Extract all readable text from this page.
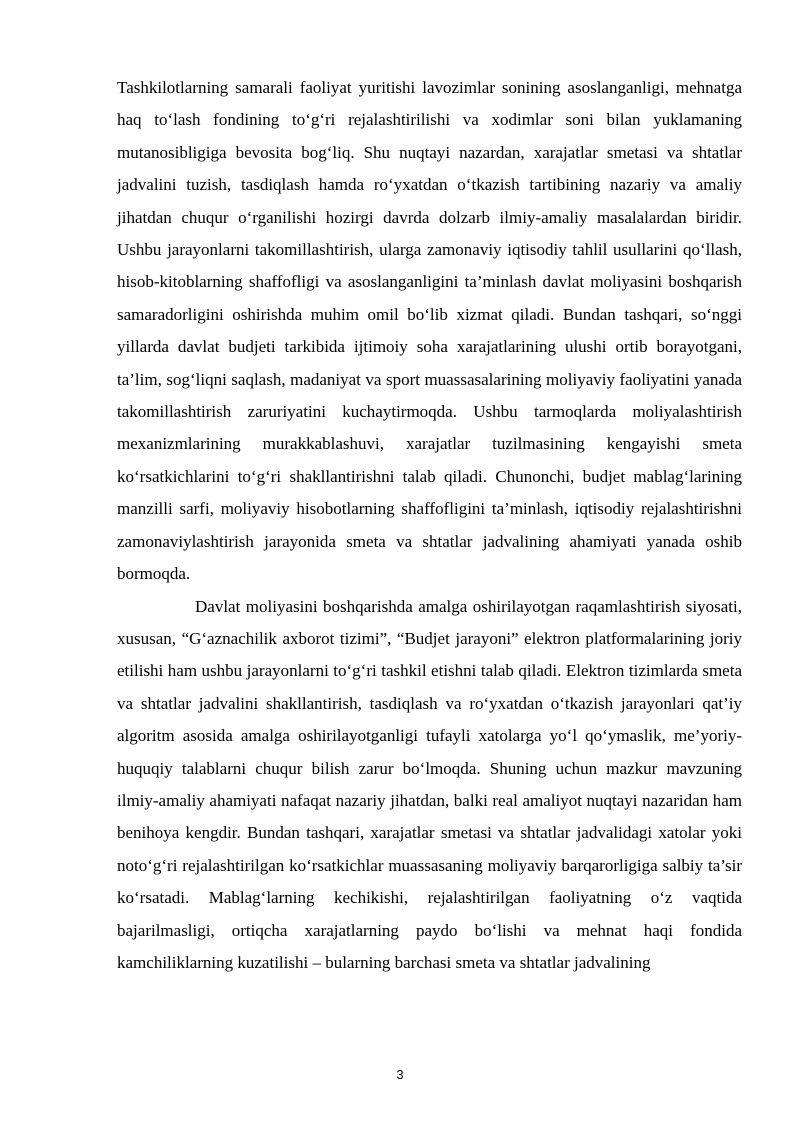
Tashkilotlarning samarali faoliyat yuritishi lavozimlar sonining asoslanganligi, mehnatga haq to‘lash fondining to‘g‘ri rejalashtirilishi va xodimlar soni bilan yuklamaning mutanosibligiga bevosita bog‘liq. Shu nuqtayi nazardan, xarajatlar smetasi va shtatlar jadvalini tuzish, tasdiqlash hamda ro‘yxatdan o‘tkazish tartibining nazariy va amaliy jihatdan chuqur o‘rganilishi hozirgi davrda dolzarb ilmiy-amaliy masalalardan biridir. Ushbu jarayonlarni takomillashtirish, ularga zamonaviy iqtisodiy tahlil usullarini qo‘llash, hisob-kitoblarning shaffofligi va asoslanganligini ta’minlash davlat moliyasini boshqarish samaradorligini oshirishda muhim omil bo‘lib xizmat qiladi. Bundan tashqari, so‘nggi yillarda davlat budjeti tarkibida ijtimoiy soha xarajatlarining ulushi ortib borayotgani, ta’lim, sog‘liqni saqlash, madaniyat va sport muassasalarining moliyaviy faoliyatini yanada takomillashtirish zaruriyatini kuchaytirmoqda. Ushbu tarmoqlarda moliyalashtirish mexanizmlarining murakkablashuvi, xarajatlar tuzilmasining kengayishi smeta ko‘rsatkichlarini to‘g‘ri shakllantirishni talab qiladi. Chunonchi, budjet mablag‘larining manzilli sarfi, moliyaviy hisobotlarning shaffofligini ta’minlash, iqtisodiy rejalashtirishni zamonaviylashtirish jarayonida smeta va shtatlar jadvalining ahamiyati yanada oshib bormoqda.

Davlat moliyasini boshqarishda amalga oshirilayotgan raqamlashtirish siyosati, xususan, “G‘aznachilik axborot tizimi”, “Budjet jarayoni” elektron platformalarining joriy etilishi ham ushbu jarayonlarni to‘g‘ri tashkil etishni talab qiladi. Elektron tizimlarda smeta va shtatlar jadvalini shakllantirish, tasdiqlash va ro‘yxatdan o‘tkazish jarayonlari qat’iy algoritm asosida amalga oshirilayotganligi tufayli xatolarga yo‘l qo‘ymaslik, me’yoriy-huquqiy talablarni chuqur bilish zarur bo‘lmoqda. Shuning uchun mazkur mavzuning ilmiy-amaliy ahamiyati nafaqat nazariy jihatdan, balki real amaliyot nuqtayi nazaridan ham benihoya kengdir. Bundan tashqari, xarajatlar smetasi va shtatlar jadvalidagi xatolar yoki noto‘g‘ri rejalashtirilgan ko‘rsatkichlar muassasaning moliyaviy barqarorligiga salbiy ta’sir ko‘rsatadi. Mablag‘larning kechikishi, rejalashtirilgan faoliyatning o‘z vaqtida bajarilmasligi, ortiqcha xarajatlarning paydo bo‘lishi va mehnat haqi fondida kamchiliklarning kuzatilishi – bularning barchasi smeta va shtatlar jadvalining

3
